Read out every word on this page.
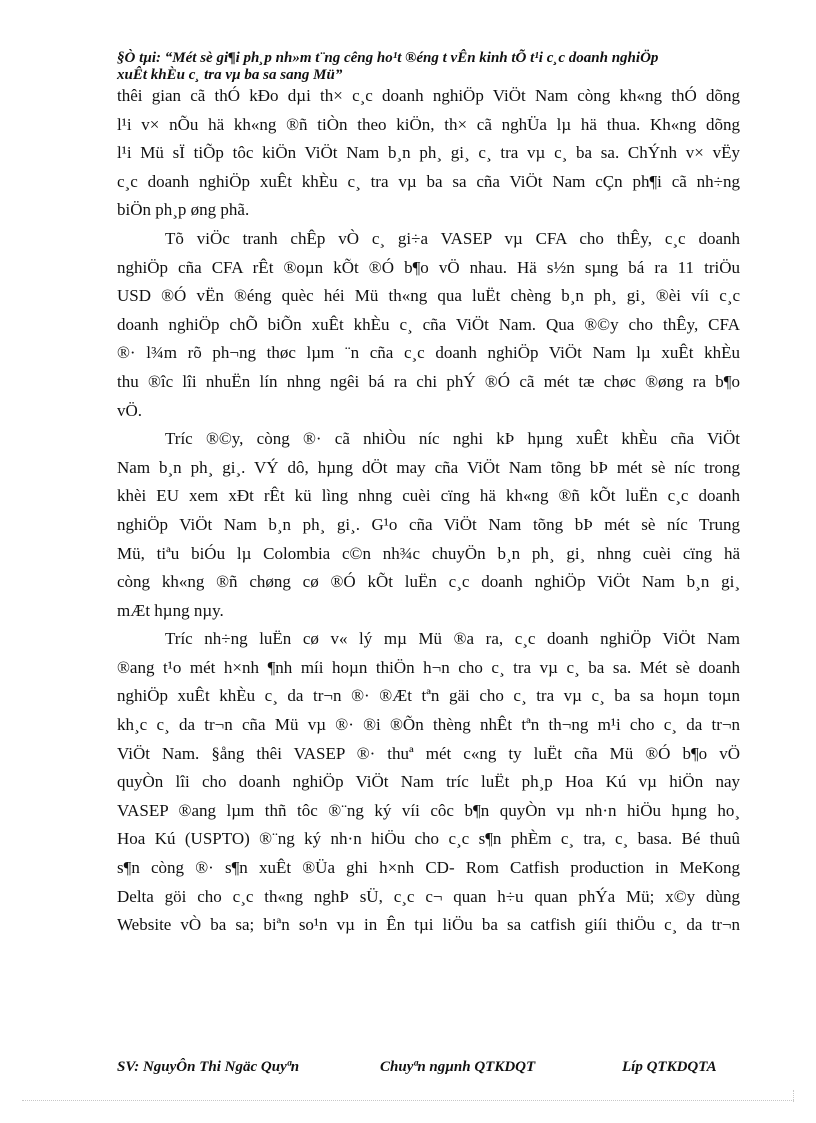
§Ò tµi: “Mét sè gi¶i ph¸p nh»m t¨ng cêng ho¹t ®éng t vÊn kinh tÕ t¹i c¸c doanh nghiÖp
xuÊt khÈu c¸ tra vµ ba sa sang Mü”
thêi gian cã thÓ kÐo dµi th× c¸c doanh nghiÖp ViÖt Nam còng kh«ng thÓ dõng
l¹i v× nÕu hä kh«ng ®ñ tiÒn theo kiÖn, th× cã nghÜa lµ hä thua. Kh«ng dõng
l¹i Mü sÏ tiÕp tôc kiÖn ViÖt Nam b¸n ph¸ gi¸ c¸ tra vµ c¸ ba sa. ChÝnh v× vËy
c¸c doanh nghiÖp xuÊt khÈu c¸ tra vµ ba sa cña ViÖt Nam cÇn ph¶i cã nh÷ng
biÖn ph¸p øng phã.
Tõ viÖc tranh chÊp vÒ c¸ gi÷a VASEP vµ CFA cho thÊy, c¸c doanh
nghiÖp cña CFA rÊt ®oµn kÕt ®Ó b¶o vÖ nhau. Hä s½n sµng bá ra 11 triÖu
USD ®Ó vËn ®éng quèc héi Mü th«ng qua luËt chèng b¸n ph¸ gi¸ ®èi víi c¸c
doanh nghiÖp chÕ biÕn xuÊt khÈu c¸ cña ViÖt Nam. Qua ®©y cho thÊy, CFA
®· l¾m rõ ph¬ng thøc lµm ¨n cña c¸c doanh nghiÖp ViÖt Nam lµ xuÊt khÈu
thu ®îc lîi nhuËn lín nhng ngêi bá ra chi phÝ ®Ó cã mét tæ chøc ®øng ra b¶o
vÖ.
Tríc ®©y, còng ®· cã nhiÒu níc nghi kÞ hµng xuÊt khÈu cña ViÖt
Nam b¸n ph¸ gi¸. VÝ dô, hµng dÖt may cña ViÖt Nam tõng bÞ mét sè níc trong
khèi EU xem xÐt rÊt kü lìng nhng cuèi cïng hä kh«ng ®ñ kÕt luËn c¸c doanh
nghiÖp ViÖt Nam b¸n ph¸ gi¸. G¹o cña ViÖt Nam tõng bÞ mét sè níc Trung
Mü, tiªu biÓu lµ Colombia c©n nh¾c chuyÖn b¸n ph¸ gi¸ nhng cuèi cïng hä
còng kh«ng ®ñ chøng cø ®Ó kÕt luËn c¸c doanh nghiÖp ViÖt Nam b¸n gi¸
mÆt hµng nµy.
Tríc nh÷ng luËn cø v« lý mµ Mü ®a ra, c¸c doanh nghiÖp ViÖt Nam
®ang t¹o mét h×nh ¶nh míi hoµn thiÖn h¬n cho c¸ tra vµ c¸ ba sa. Mét sè doanh
nghiÖp xuÊt khÈu c¸ da tr¬n ®· ®Æt tªn gäi cho c¸ tra vµ c¸ ba sa hoµn toµn
kh¸c c¸ da tr¬n cña Mü vµ ®· ®i ®Õn thèng nhÊt tªn th¬ng m¹i cho c¸ da tr¬n
ViÖt Nam. §ång thêi VASEP ®· thuª mét c«ng ty luËt cña Mü ®Ó b¶o vÖ
quyÒn lîi cho doanh nghiÖp ViÖt Nam tríc luËt ph¸p Hoa Kú vµ hiÖn nay
VASEP ®ang lµm thñ tôc ®¨ng ký víi côc b¶n quyÒn vµ nh·n hiÖu hµng ho¸
Hoa Kú (USPTO) ®¨ng ký nh·n hiÖu cho c¸c s¶n phÈm c¸ tra, c¸ basa. Bé thuû
s¶n còng ®· s¶n xuÊt ®Üa ghi h×nh CD- Rom Catfish production in MeKong
Delta göi cho c¸c th«ng nghÞ sÜ, c¸c c¬ quan h÷u quan phÝa Mü; x©y dùng
Website vÒ ba sa; biªn so¹n vµ in Ên tµi liÖu ba sa catfish giíi thiÖu c¸ da tr¬n
SV: NguyÔn Thi Ngäc Quyªn	Chuyªn ngµnh QTKDQT	Líp QTKDQTA
